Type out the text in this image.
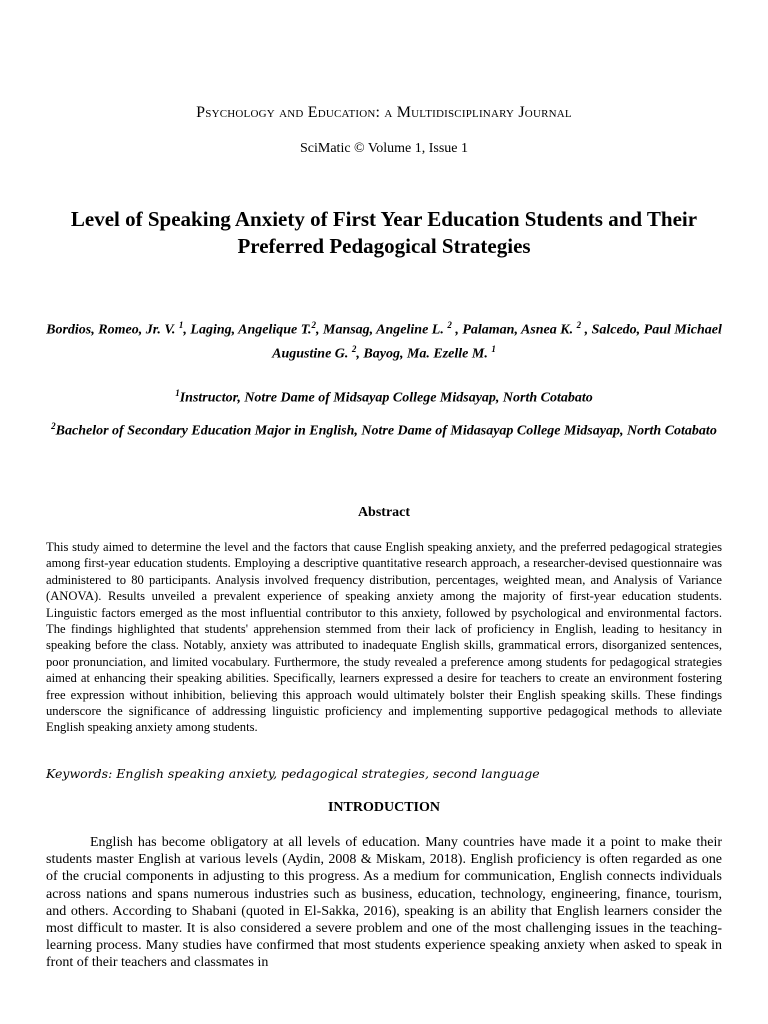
Psychology and Education: a Multidisciplinary Journal
SciMatic © Volume 1, Issue 1
Level of Speaking Anxiety of First Year Education Students and Their Preferred Pedagogical Strategies
Bordios, Romeo, Jr. V. $^1$, Laging, Angelique T.$^2$, Mansag, Angeline L. $^2$ , Palaman, Asnea K. $^2$ , Salcedo, Paul Michael Augustine G. $^2$, Bayog, Ma. Ezelle M. $^1$
$^1$Instructor, Notre Dame of Midsayap College Midsayap, North Cotabato
$^2$Bachelor of Secondary Education Major in English, Notre Dame of Midasayap College Midsayap, North Cotabato
Abstract
This study aimed to determine the level and the factors that cause English speaking anxiety, and the preferred pedagogical strategies among first-year education students. Employing a descriptive quantitative research approach, a researcher-devised questionnaire was administered to 80 participants. Analysis involved frequency distribution, percentages, weighted mean, and Analysis of Variance (ANOVA). Results unveiled a prevalent experience of speaking anxiety among the majority of first-year education students. Linguistic factors emerged as the most influential contributor to this anxiety, followed by psychological and environmental factors. The findings highlighted that students' apprehension stemmed from their lack of proficiency in English, leading to hesitancy in speaking before the class. Notably, anxiety was attributed to inadequate English skills, grammatical errors, disorganized sentences, poor pronunciation, and limited vocabulary. Furthermore, the study revealed a preference among students for pedagogical strategies aimed at enhancing their speaking abilities. Specifically, learners expressed a desire for teachers to create an environment fostering free expression without inhibition, believing this approach would ultimately bolster their English speaking skills. These findings underscore the significance of addressing linguistic proficiency and implementing supportive pedagogical methods to alleviate English speaking anxiety among students.
Keywords: English speaking anxiety, pedagogical strategies, second language
INTRODUCTION
English has become obligatory at all levels of education. Many countries have made it a point to make their students master English at various levels (Aydin, 2008 & Miskam, 2018). English proficiency is often regarded as one of the crucial components in adjusting to this progress. As a medium for communication, English connects individuals across nations and spans numerous industries such as business, education, technology, engineering, finance, tourism, and others. According to Shabani (quoted in El-Sakka, 2016), speaking is an ability that English learners consider the most difficult to master. It is also considered a severe problem and one of the most challenging issues in the teaching-learning process. Many studies have confirmed that most students experience speaking anxiety when asked to speak in front of their teachers and classmates in
